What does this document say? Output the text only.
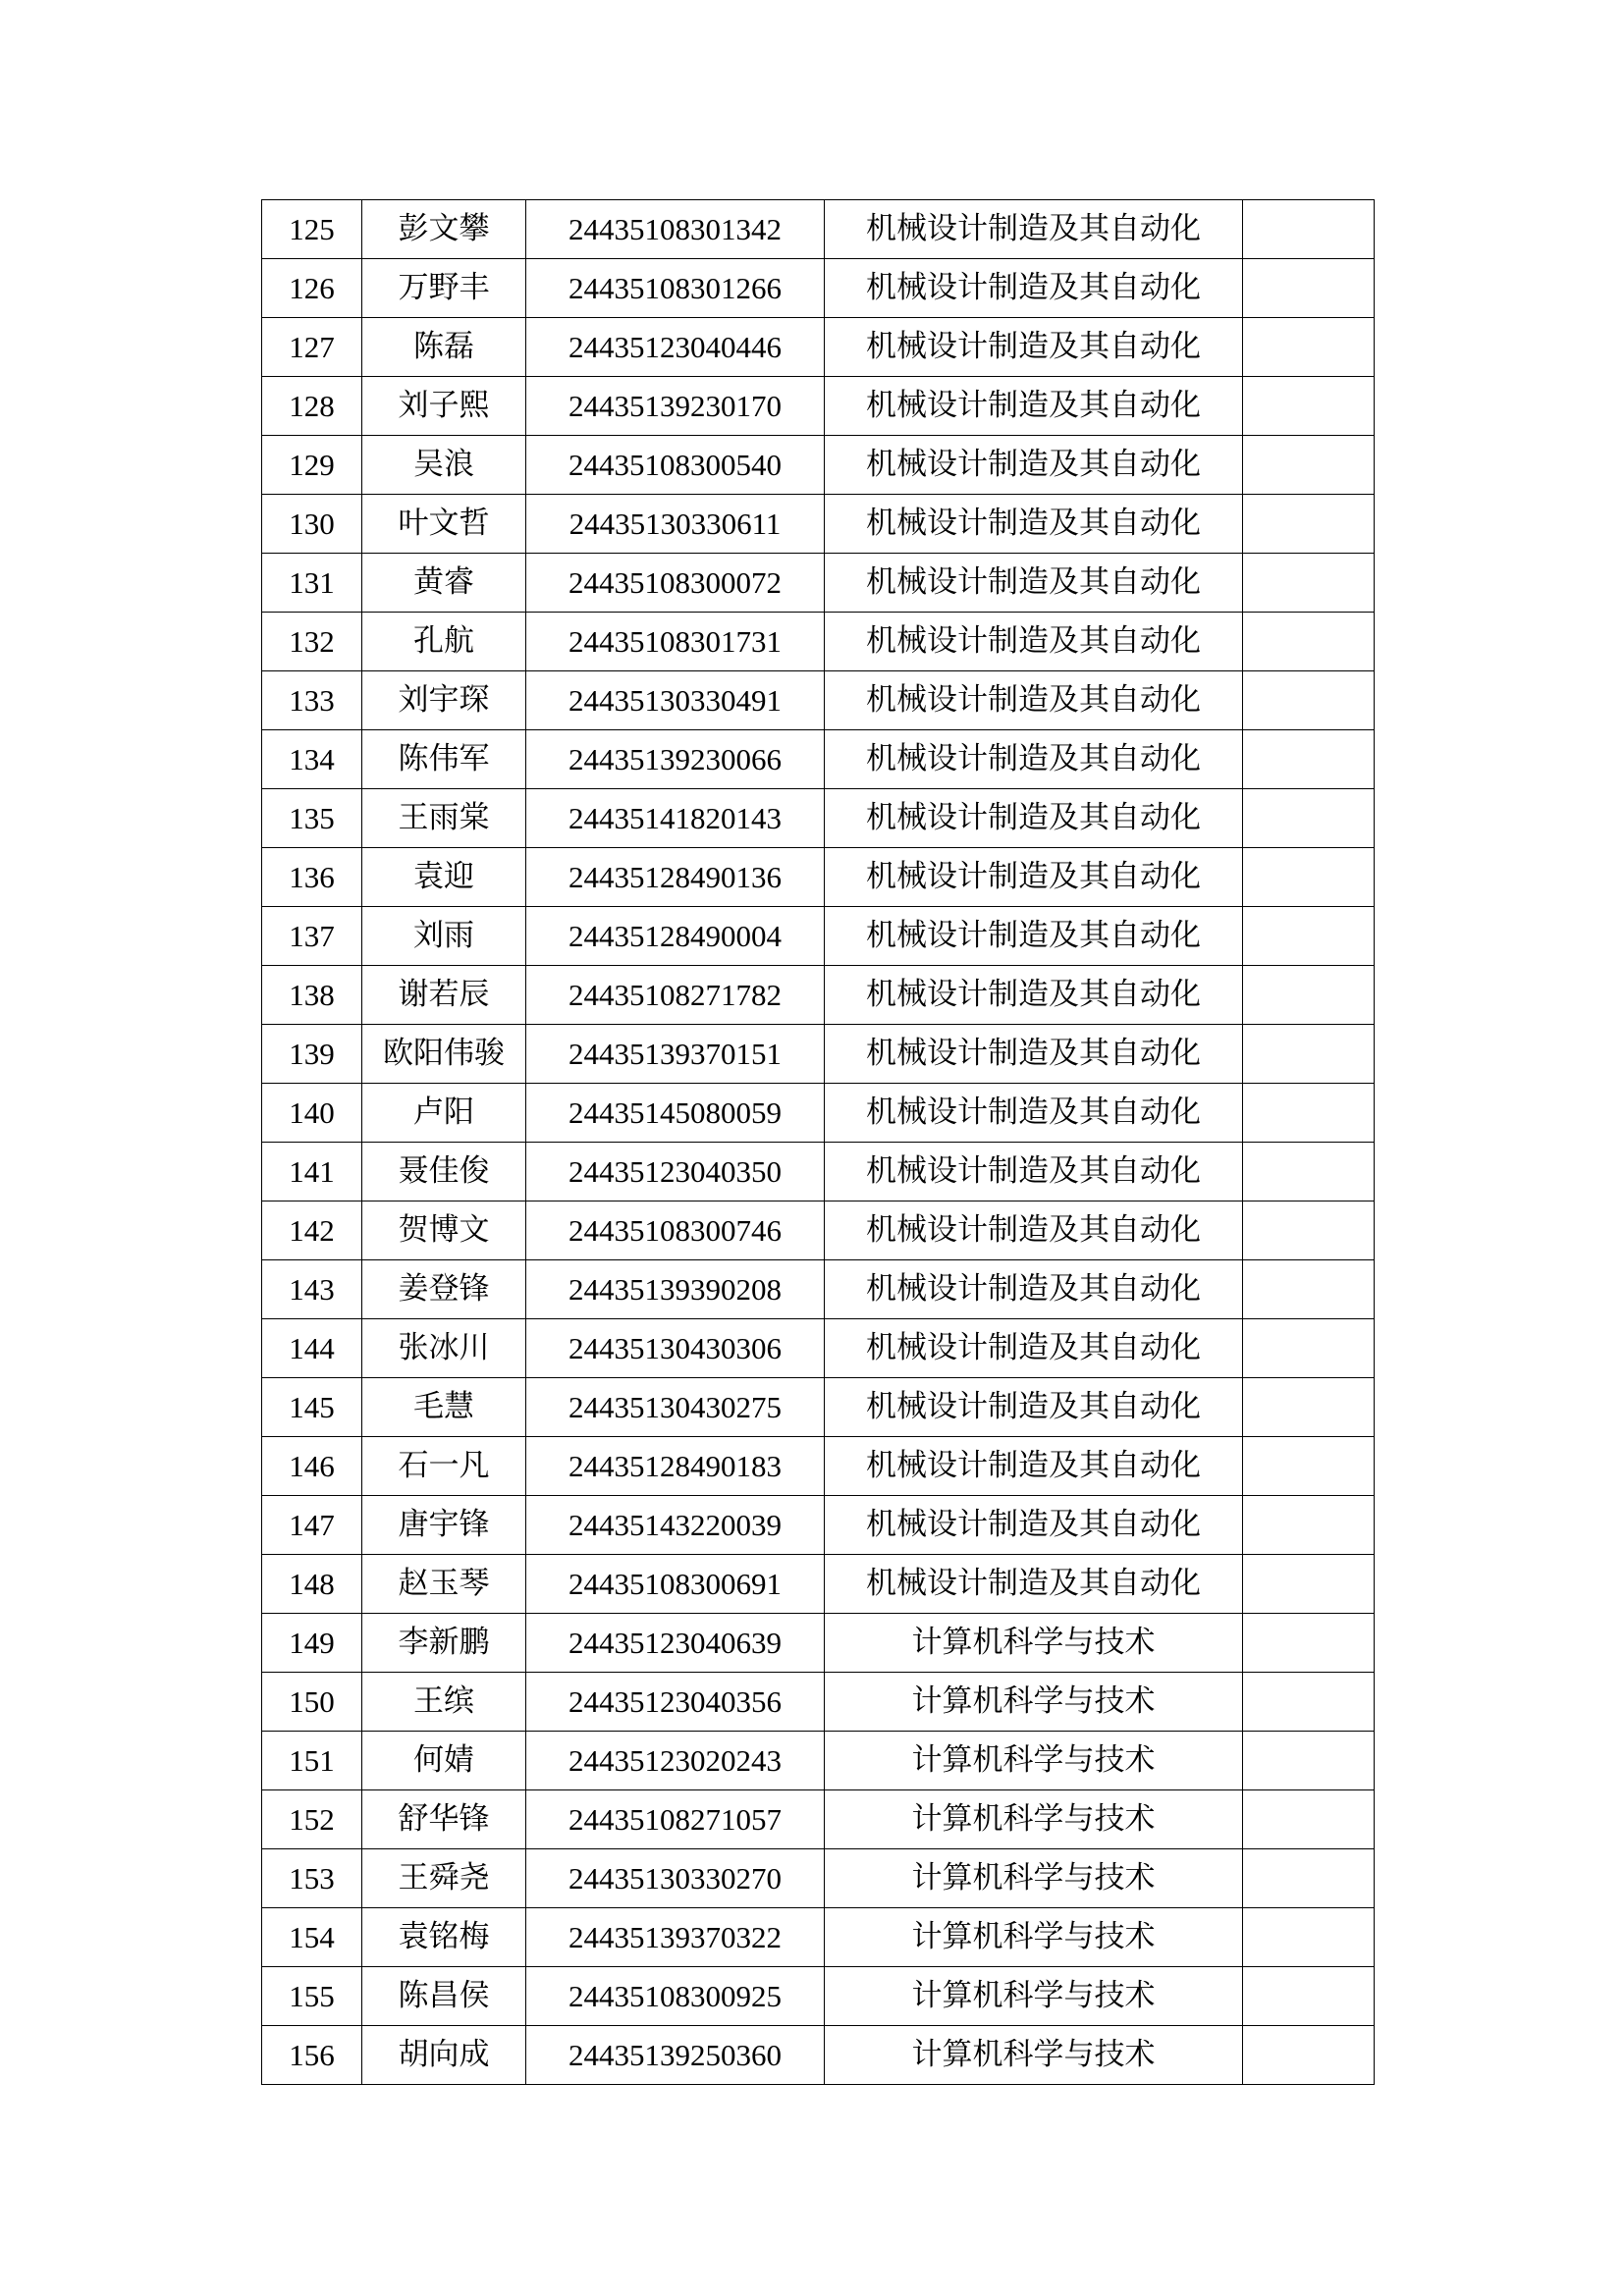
125	彭文攀	24435108301342	机械设计制造及其自动化	
126	万野丰	24435108301266	机械设计制造及其自动化	
127	陈磊	24435123040446	机械设计制造及其自动化	
128	刘子熙	24435139230170	机械设计制造及其自动化	
129	吴浪	24435108300540	机械设计制造及其自动化	
130	叶文哲	24435130330611	机械设计制造及其自动化	
131	黄睿	24435108300072	机械设计制造及其自动化	
132	孔航	24435108301731	机械设计制造及其自动化	
133	刘宇琛	24435130330491	机械设计制造及其自动化	
134	陈伟军	24435139230066	机械设计制造及其自动化	
135	王雨棠	24435141820143	机械设计制造及其自动化	
136	袁迎	24435128490136	机械设计制造及其自动化	
137	刘雨	24435128490004	机械设计制造及其自动化	
138	谢若辰	24435108271782	机械设计制造及其自动化	
139	欧阳伟骏	24435139370151	机械设计制造及其自动化	
140	卢阳	24435145080059	机械设计制造及其自动化	
141	聂佳俊	24435123040350	机械设计制造及其自动化	
142	贺博文	24435108300746	机械设计制造及其自动化	
143	姜登锋	24435139390208	机械设计制造及其自动化	
144	张冰川	24435130430306	机械设计制造及其自动化	
145	毛慧	24435130430275	机械设计制造及其自动化	
146	石一凡	24435128490183	机械设计制造及其自动化	
147	唐宇锋	24435143220039	机械设计制造及其自动化	
148	赵玉琴	24435108300691	机械设计制造及其自动化	
149	李新鹏	24435123040639	计算机科学与技术	
150	王缤	24435123040356	计算机科学与技术	
151	何婧	24435123020243	计算机科学与技术	
152	舒华锋	24435108271057	计算机科学与技术	
153	王舜尧	24435130330270	计算机科学与技术	
154	袁铭梅	24435139370322	计算机科学与技术	
155	陈昌侯	24435108300925	计算机科学与技术	
156	胡向成	24435139250360	计算机科学与技术	
